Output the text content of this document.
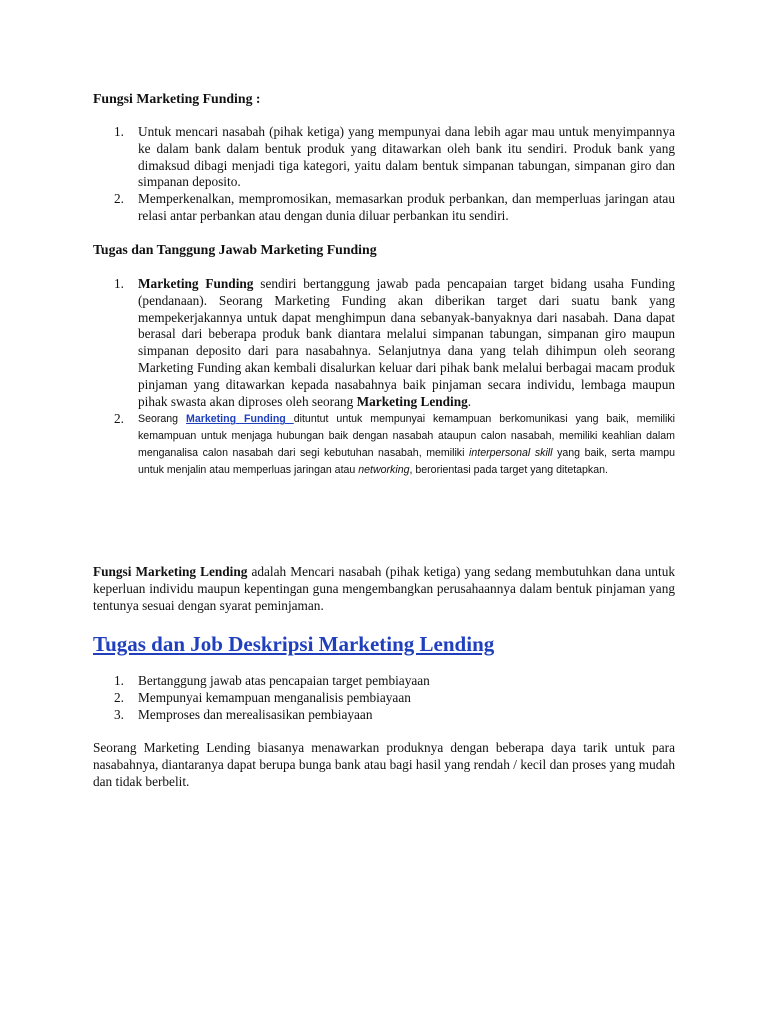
Fungsi Marketing Funding :
1. Untuk mencari nasabah (pihak ketiga) yang mempunyai dana lebih agar mau untuk menyimpannya ke dalam bank dalam bentuk produk yang ditawarkan oleh bank itu sendiri. Produk bank yang dimaksud dibagi menjadi tiga kategori, yaitu dalam bentuk simpanan tabungan, simpanan giro dan simpanan deposito.
2. Memperkenalkan, mempromosikan, memasarkan produk perbankan, dan memperluas jaringan atau relasi antar perbankan atau dengan dunia diluar perbankan itu sendiri.
Tugas dan Tanggung Jawab Marketing Funding
1. Marketing Funding sendiri bertanggung jawab pada pencapaian target bidang usaha Funding (pendanaan). Seorang Marketing Funding akan diberikan target dari suatu bank yang mempekerjakannya untuk dapat menghimpun dana sebanyak-banyaknya dari nasabah. Dana dapat berasal dari beberapa produk bank diantara melalui simpanan tabungan, simpanan giro maupun simpanan deposito dari para nasabahnya. Selanjutnya dana yang telah dihimpun oleh seorang Marketing Funding akan kembali disalurkan keluar dari pihak bank melalui berbagai macam produk pinjaman yang ditawarkan kepada nasabahnya baik pinjaman secara individu, lembaga maupun pihak swasta akan diproses oleh seorang Marketing Lending.
2. Seorang Marketing Funding dituntut untuk mempunyai kemampuan berkomunikasi yang baik, memiliki kemampuan untuk menjaga hubungan baik dengan nasabah ataupun calon nasabah, memiliki keahlian dalam menganalisa calon nasabah dari segi kebutuhan nasabah, memiliki interpersonal skill yang baik, serta mampu untuk menjalin atau memperluas jaringan atau networking, berorientasi pada target yang ditetapkan.

Fungsi Marketing Lending adalah Mencari nasabah (pihak ketiga) yang sedang membutuhkan dana untuk keperluan individu maupun kepentingan guna mengembangkan perusahaannya dalam bentuk pinjaman yang tentunya sesuai dengan syarat peminjaman.

Tugas dan Job Deskripsi Marketing Lending
1. Bertanggung jawab atas pencapaian target pembiayaan
2. Mempunyai kemampuan menganalisis pembiayaan
3. Memproses dan merealisasikan pembiayaan

Seorang Marketing Lending biasanya menawarkan produknya dengan beberapa daya tarik untuk para nasabahnya, diantaranya dapat berupa bunga bank atau bagi hasil yang rendah / kecil dan proses yang mudah dan tidak berbelit.
